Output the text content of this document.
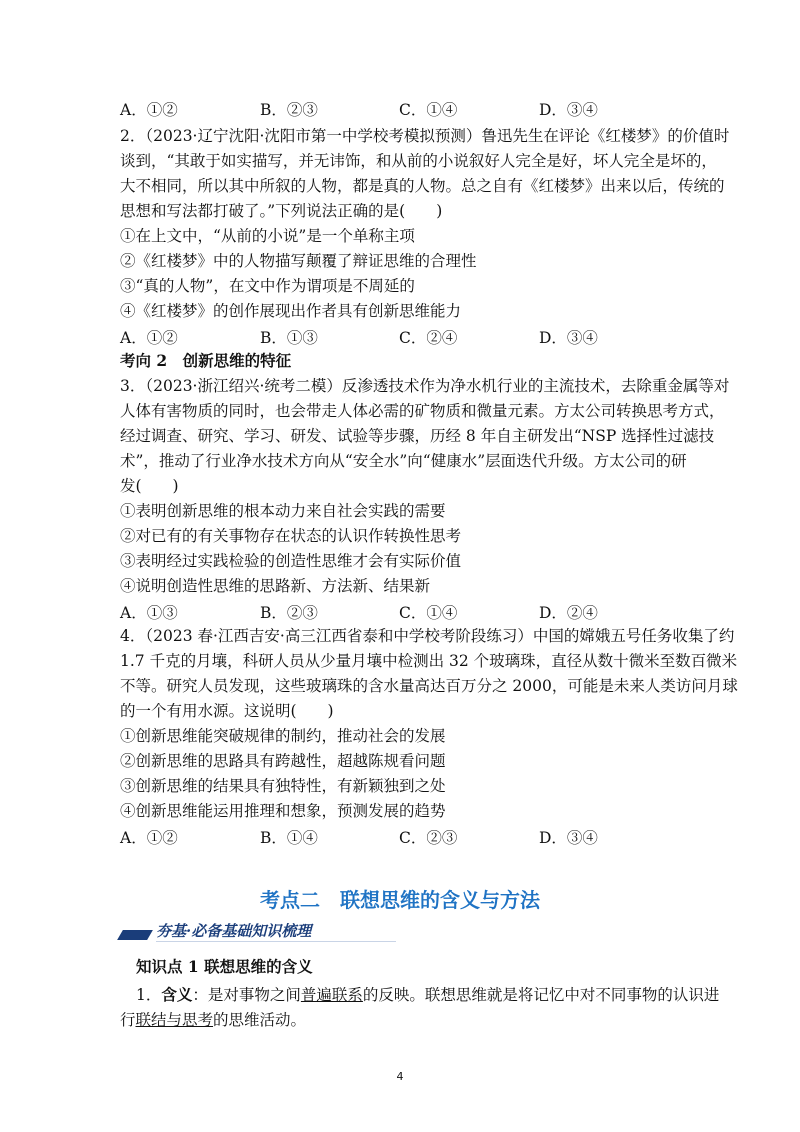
A．①②	B．②③	C．①④	D．③④
2．（2023·辽宁沈阳·沈阳市第一中学校考模拟预测）鲁迅先生在评论《红楼梦》的价值时
谈到，“其敢于如实描写，并无讳饰，和从前的小说叙好人完全是好，坏人完全是坏的，
大不相同，所以其中所叙的人物，都是真的人物。总之自有《红楼梦》出来以后，传统的
思想和写法都打破了。”下列说法正确的是(　　)
①在上文中，“从前的小说”是一个单称主项
②《红楼梦》中的人物描写颠覆了辩证思维的合理性
③“真的人物”，在文中作为谓项是不周延的
④《红楼梦》的创作展现出作者具有创新思维能力
A．①②	B．①③	C．②④	D．③④
考向 2　创新思维的特征
3．（2023·浙江绍兴·统考二模）反渗透技术作为净水机行业的主流技术，去除重金属等对
人体有害物质的同时，也会带走人体必需的矿物质和微量元素。方太公司转换思考方式，
经过调查、研究、学习、研发、试验等步骤，历经 8 年自主研发出“NSP 选择性过滤技
术”，推动了行业净水技术方向从“安全水”向“健康水”层面迭代升级。方太公司的研
发(　　)
①表明创新思维的根本动力来自社会实践的需要
②对已有的有关事物存在状态的认识作转换性思考
③表明经过实践检验的创造性思维才会有实际价值
④说明创造性思维的思路新、方法新、结果新
A．①③	B．②③	C．①④	D．②④
4．（2023 春·江西吉安·高三江西省泰和中学校考阶段练习）中国的嫦娥五号任务收集了约
1.7 千克的月壤，科研人员从少量月壤中检测出 32 个玻璃珠，直径从数十微米至数百微米
不等。研究人员发现，这些玻璃珠的含水量高达百万分之 2000，可能是未来人类访问月球
的一个有用水源。这说明(　　)
①创新思维能突破规律的制约，推动社会的发展
②创新思维的思路具有跨越性，超越陈规看问题
③创新思维的结果具有独特性，有新颖独到之处
④创新思维能运用推理和想象，预测发展的趋势
A．①②	B．①④	C．②③	D．③④
考点二　联想思维的含义与方法
夯基·必备基础知识梳理
知识点 1 联想思维的含义
1．含义：是对事物之间普遍联系的反映。联想思维就是将记忆中对不同事物的认识进
行联结与思考的思维活动。
4
